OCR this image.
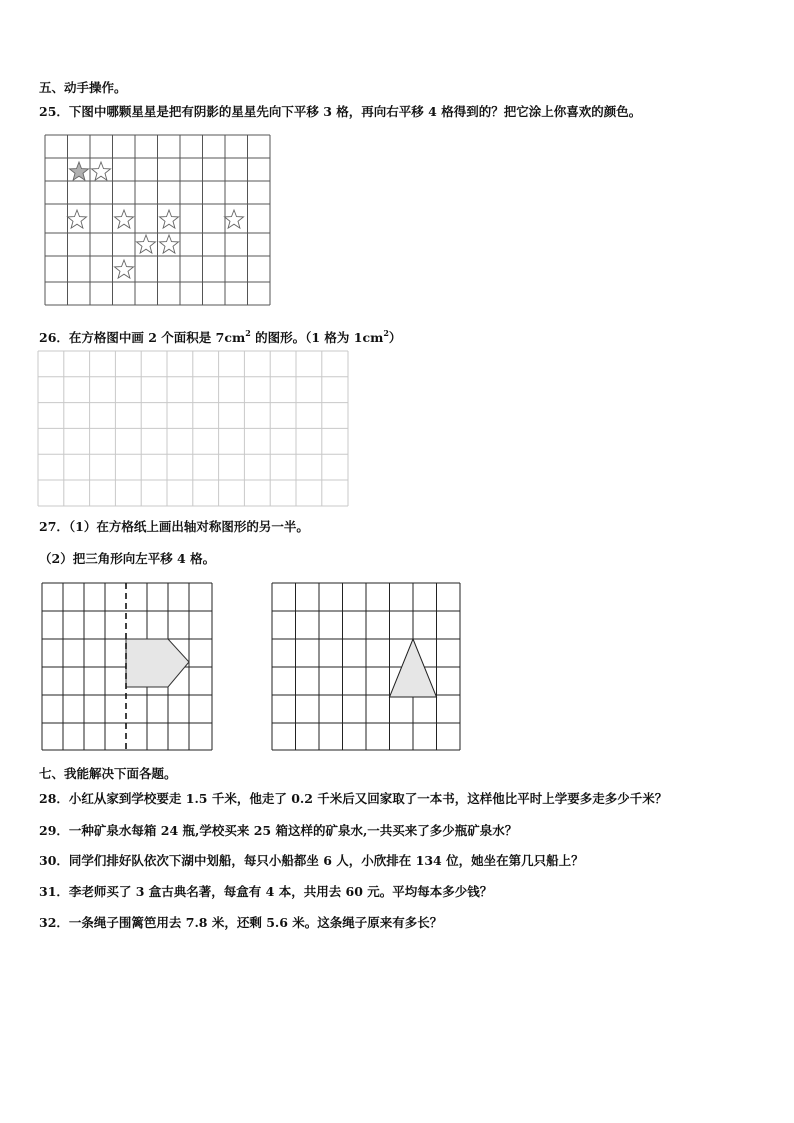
五、动手操作。
25．下图中哪颗星星是把有阴影的星星先向下平移 3 格，再向右平移 4 格得到的？把它涂上你喜欢的颜色。
26．在方格图中画 2 个面积是 $7cm^2$ 的图形。（1 格为 $1cm^2$）
27．（1）在方格纸上画出轴对称图形的另一半。
（2）把三角形向左平移 4 格。
七、我能解决下面各题。
28．小红从家到学校要走 1.5 千米，他走了 0.2 千米后又回家取了一本书，这样他比平时上学要多走多少千米？
29．一种矿泉水每箱 24 瓶,学校买来 25 箱这样的矿泉水,一共买来了多少瓶矿泉水？
30．同学们排好队依次下湖中划船，每只小船都坐 6 人，小欣排在 134 位，她坐在第几只船上？
31．李老师买了 3 盒古典名著，每盒有 4 本，共用去 60 元。平均每本多少钱？
32．一条绳子围篱笆用去 7.8 米，还剩 5.6 米。这条绳子原来有多长？
